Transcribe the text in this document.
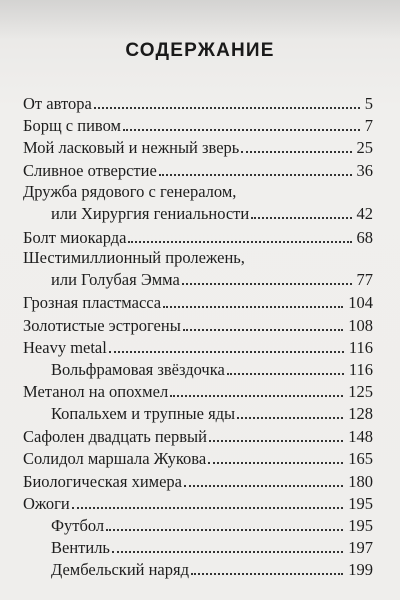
СОДЕРЖАНИЕ
От автора	5
Борщ с пивом	7
Мой ласковый и нежный зверь	25
Сливное отверстие	36
Дружба рядового с генералом,
или Хирургия гениальности	42
Болт миокарда	68
Шестимиллионный пролежень,
или Голубая Эмма	77
Грозная пластмасса	104
Золотистые эстрогены	108
Heavy metal	116
Вольфрамовая звёздочка	116
Метанол на опохмел	125
Копальхем и трупные яды	128
Сафолен двадцать первый	148
Солидол маршала Жукова	165
Биологическая химера	180
Ожоги	195
Футбол	195
Вентиль	197
Дембельский наряд	199
